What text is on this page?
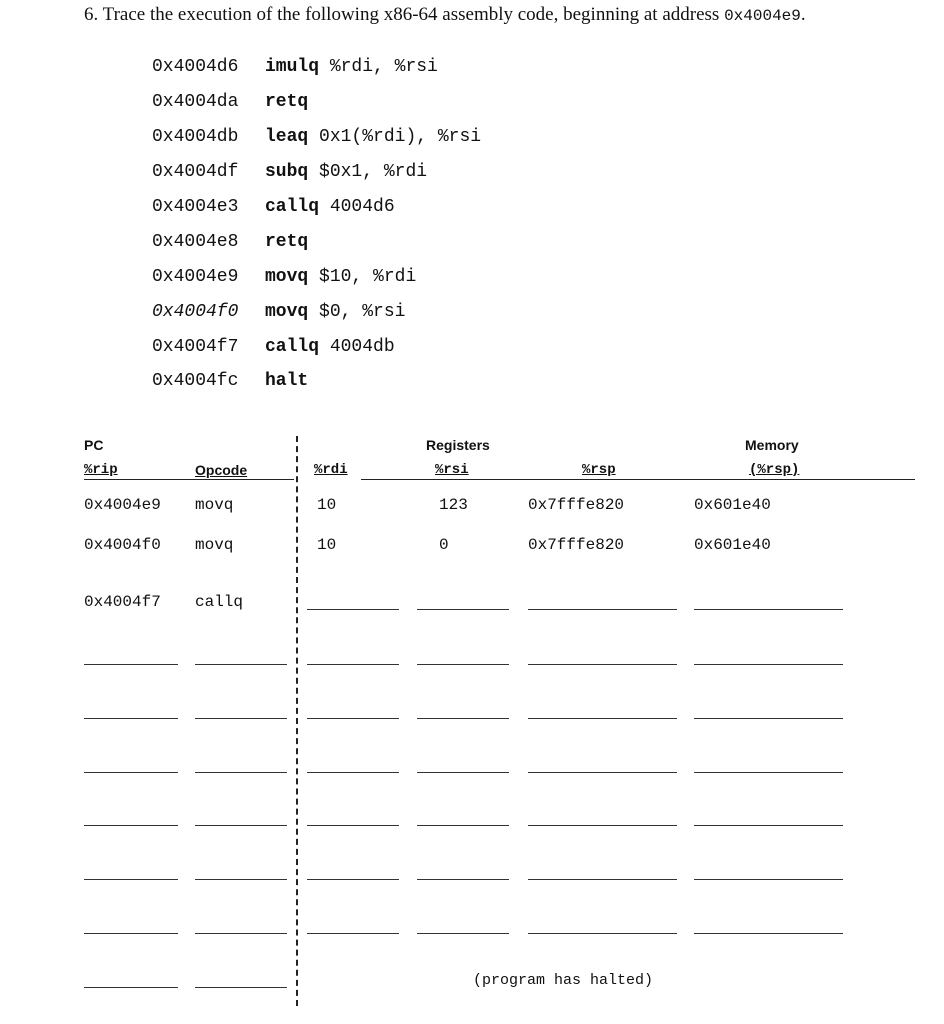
6. Trace the execution of the following x86-64 assembly code, beginning at address 0x4004e9.
0x4004d6 imulq %rdi, %rsi
0x4004da retq
0x4004db leaq 0x1(%rdi), %rsi
0x4004df subq $0x1, %rdi
0x4004e3 callq 4004d6
0x4004e8 retq
0x4004e9 movq $10, %rdi
0x4004f0 movq $0, %rsi
0x4004f7 callq 4004db
0x4004fc halt
PC	Registers	Memory
%rip	Opcode	%rdi	%rsi	%rsp	(%rsp)
0x4004e9 movq	10	123	0x7fffe820	0x601e40
0x4004f0 movq	10	0	0x7fffe820	0x601e40
0x4004f7 callq
(program has halted)
